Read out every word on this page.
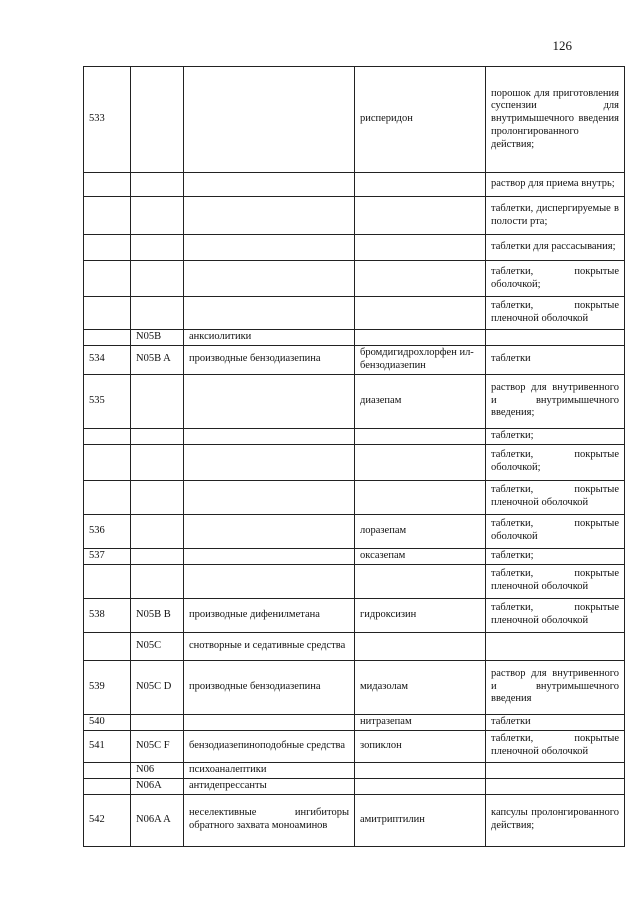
126
533			рисперидон	порошок для приготовления суспензии для внутримышечного введения пролонгированного действия;
				раствор для приема внутрь;
				таблетки, диспергируемые в полости рта;
				таблетки для рассасывания;
				таблетки, покрытые оболочкой;
				таблетки, покрытые пленочной оболочкой
	N05B	анксиолитики		
534	N05B A	производные бензодиазепина	бромдигидрохлорфен ил-бензодиазепин	таблетки
535			диазепам	раствор для внутривенного и внутримышечного введения;
				таблетки;
				таблетки, покрытые оболочкой;
				таблетки, покрытые пленочной оболочкой
536			лоразепам	таблетки, покрытые оболочкой
537			оксазепам	таблетки;
				таблетки, покрытые пленочной оболочкой
538	N05B B	производные дифенилметана	гидроксизин	таблетки, покрытые пленочной оболочкой
	N05C	снотворные и седативные средства		
539	N05C D	производные бензодиазепина	мидазолам	раствор для внутривенного и внутримышечного введения
540			нитразепам	таблетки
541	N05C F	бензодиазепиноподобные средства	зопиклон	таблетки, покрытые пленочной оболочкой
	N06	психоаналептики		
	N06A	антидепрессанты		
542	N06A A	неселективные ингибиторы обратного захвата моноаминов	амитриптилин	капсулы пролонгированного действия;
